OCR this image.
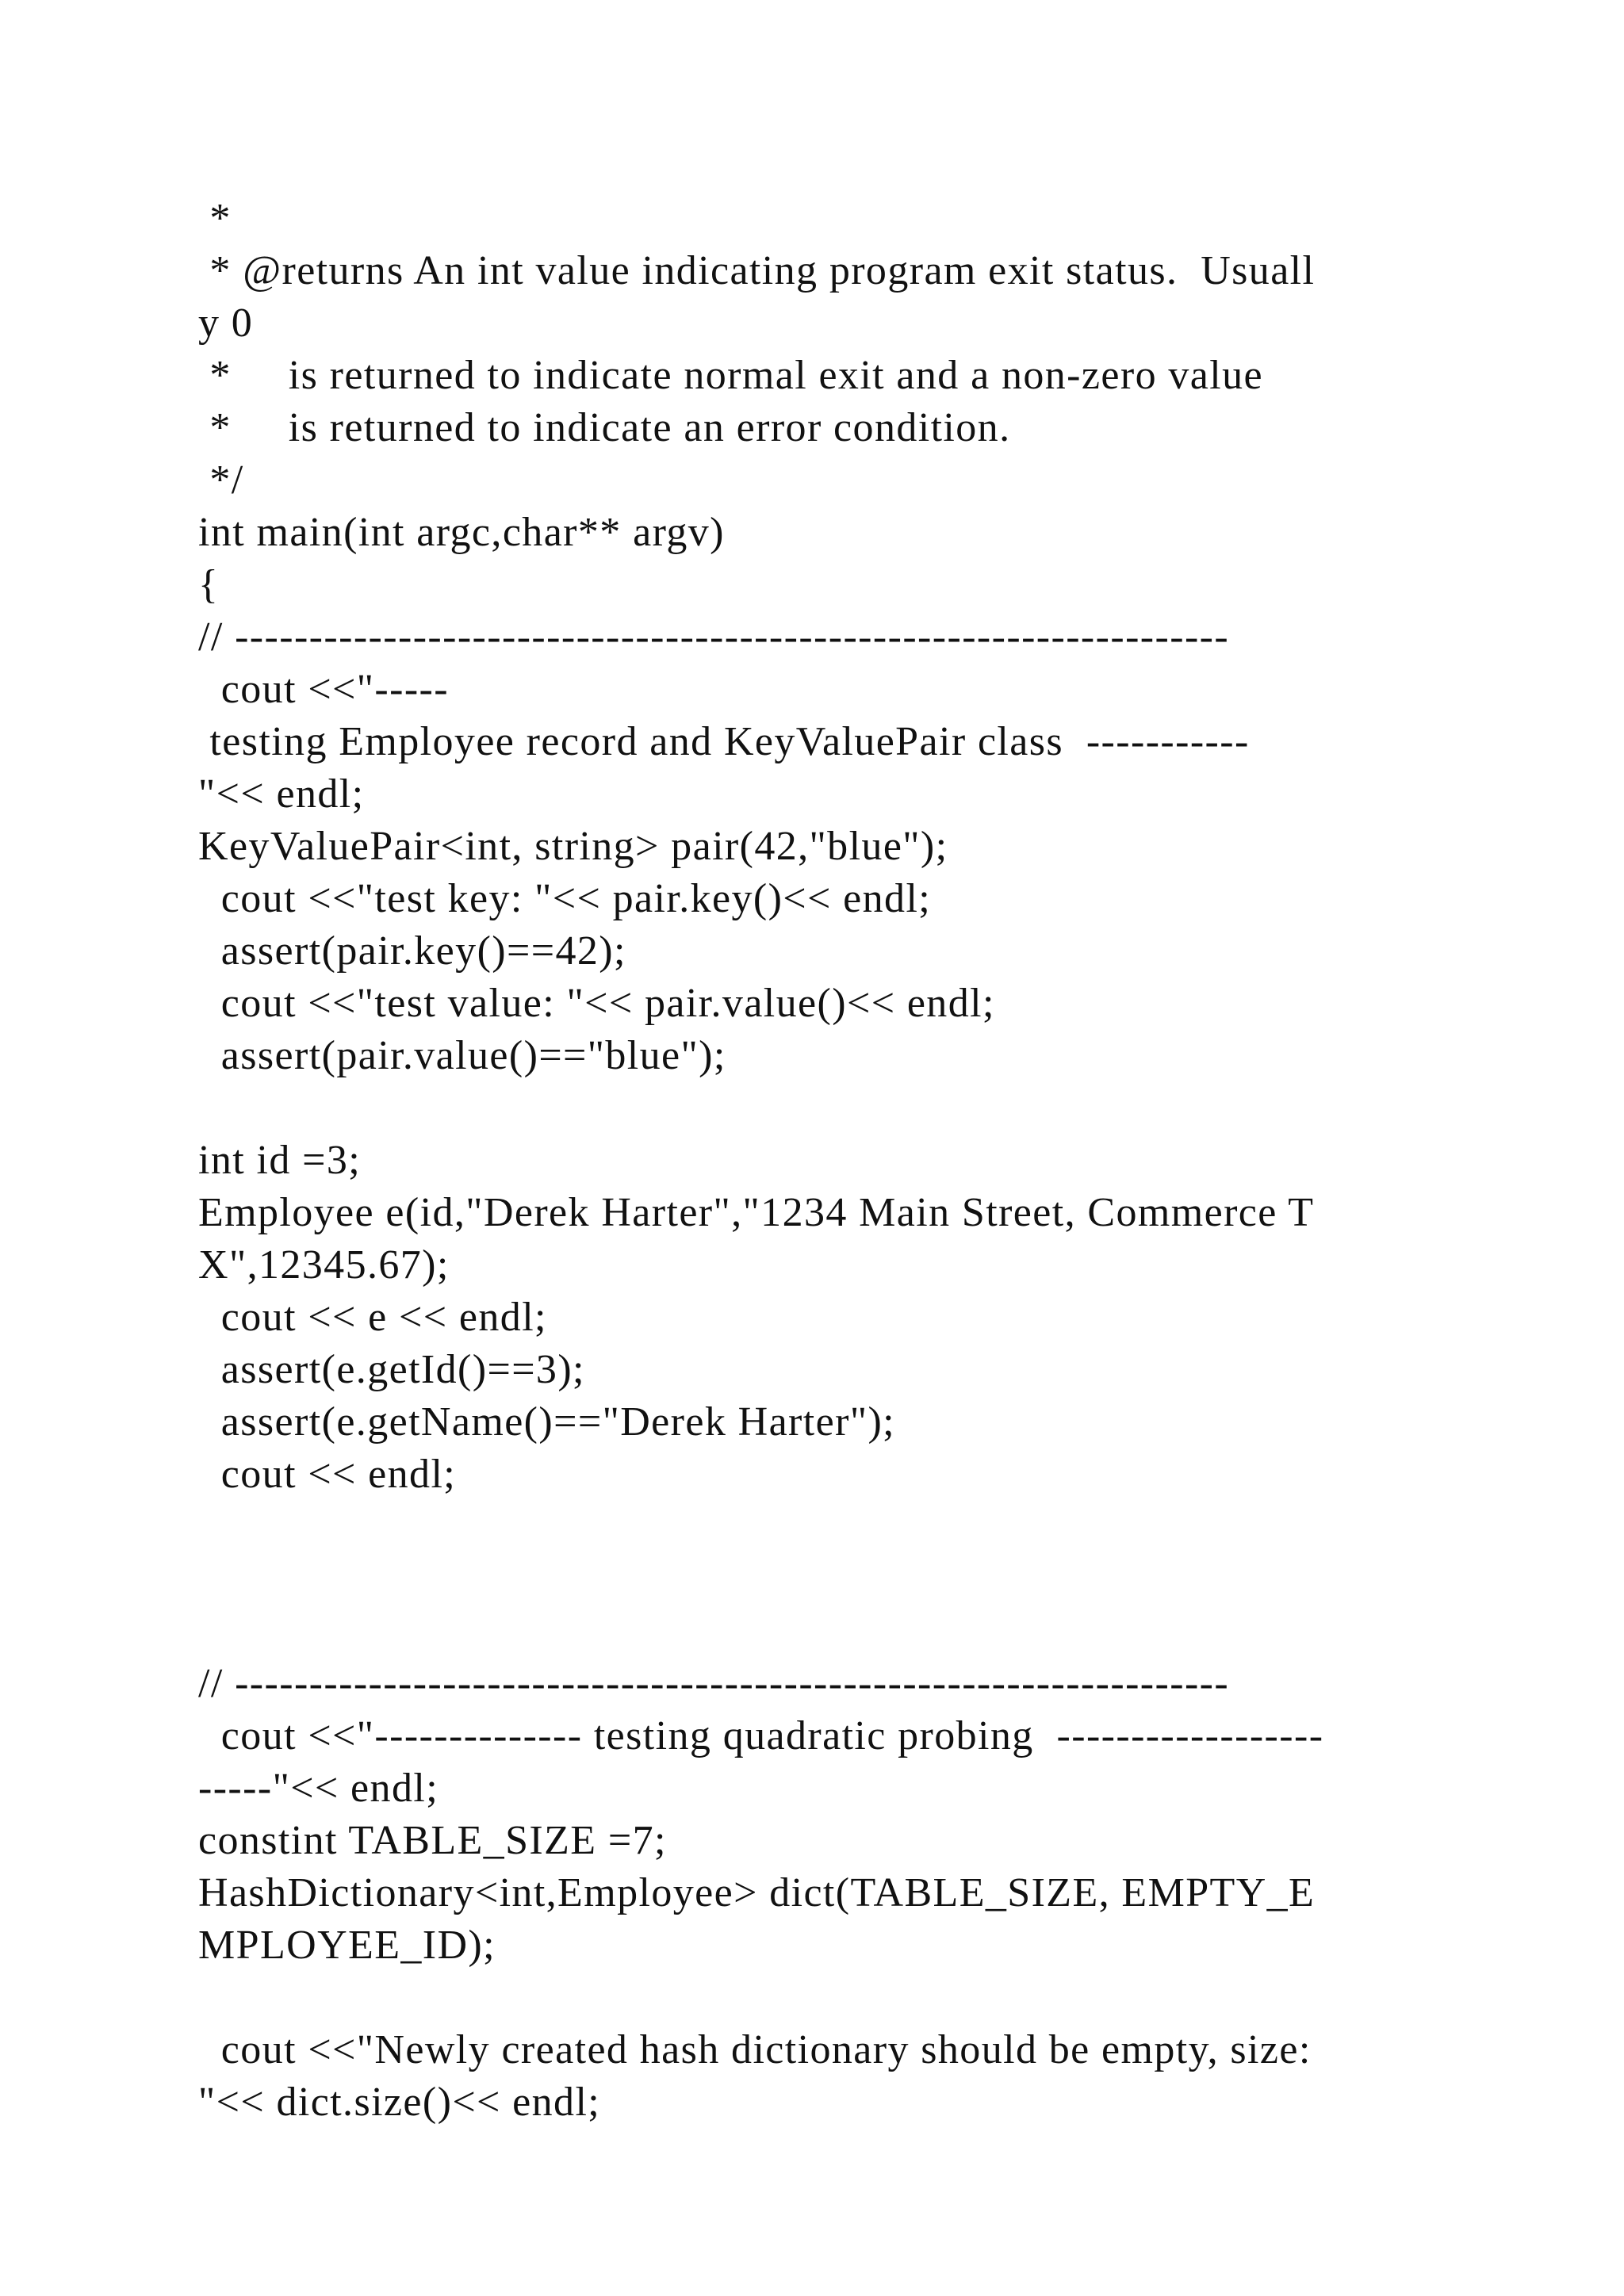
*
* @returns An int value indicating program exit status.  Usuall
y 0
*     is returned to indicate normal exit and a non-zero value
*     is returned to indicate an error condition.
*/
int main(int argc,char** argv)
{
// -------------------------------------------------------------------
cout <<"-----
testing Employee record and KeyValuePair class  -----------
"<< endl;
KeyValuePair<int, string> pair(42,"blue");
cout <<"test key: "<< pair.key()<< endl;
assert(pair.key()==42);
cout <<"test value: "<< pair.value()<< endl;
assert(pair.value()=="blue");
int id =3;
Employee e(id,"Derek Harter","1234 Main Street, Commerce T
X",12345.67);
cout << e << endl;
assert(e.getId()==3);
assert(e.getName()=="Derek Harter");
cout << endl;
// -------------------------------------------------------------------
cout <<"-------------- testing quadratic probing  ------------------
-----"<< endl;
constint TABLE_SIZE =7;
HashDictionary<int,Employee> dict(TABLE_SIZE, EMPTY_E
MPLOYEE_ID);
cout <<"Newly created hash dictionary should be empty, size:
"<< dict.size()<< endl;
